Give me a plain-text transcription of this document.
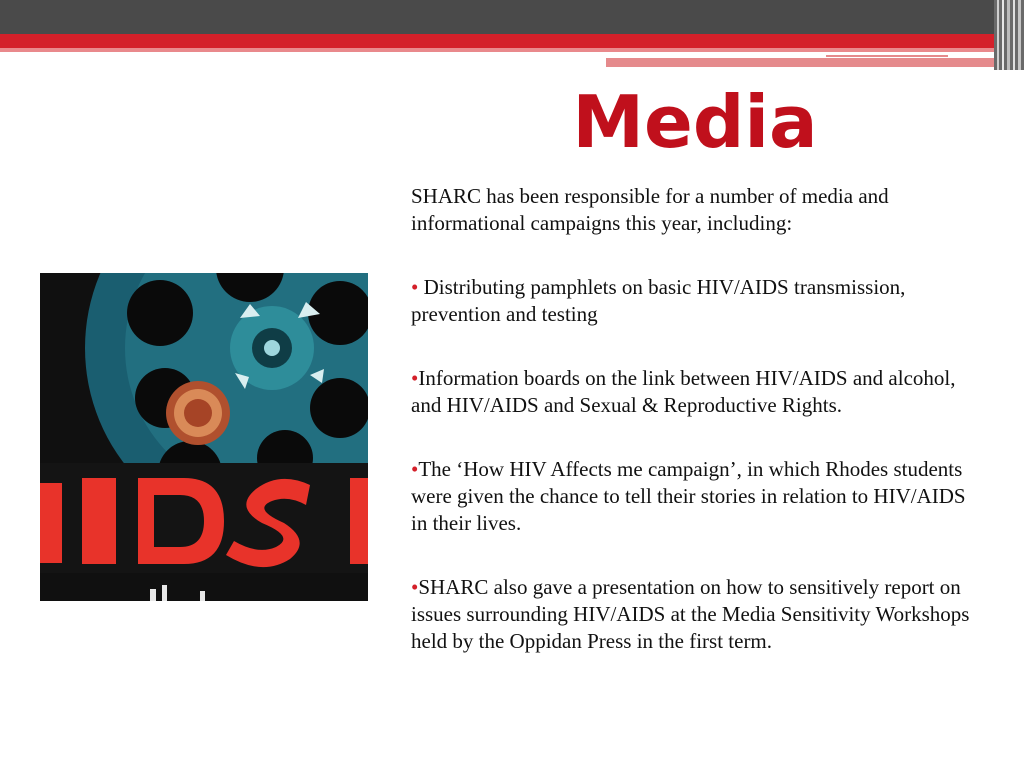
Media

SHARC has been responsible for a number of media and informational campaigns this year, including:

• Distributing pamphlets on basic HIV/AIDS transmission, prevention and testing

•Information boards on the link between HIV/AIDS and alcohol, and HIV/AIDS and Sexual & Reproductive Rights.

•The ‘How HIV Affects me campaign’, in which Rhodes students were given the chance to tell their stories in relation to HIV/AIDS in their lives.

•SHARC also gave a presentation on how to sensitively report on issues surrounding HIV/AIDS at the Media Sensitivity Workshops held by the Oppidan Press in the first term.
